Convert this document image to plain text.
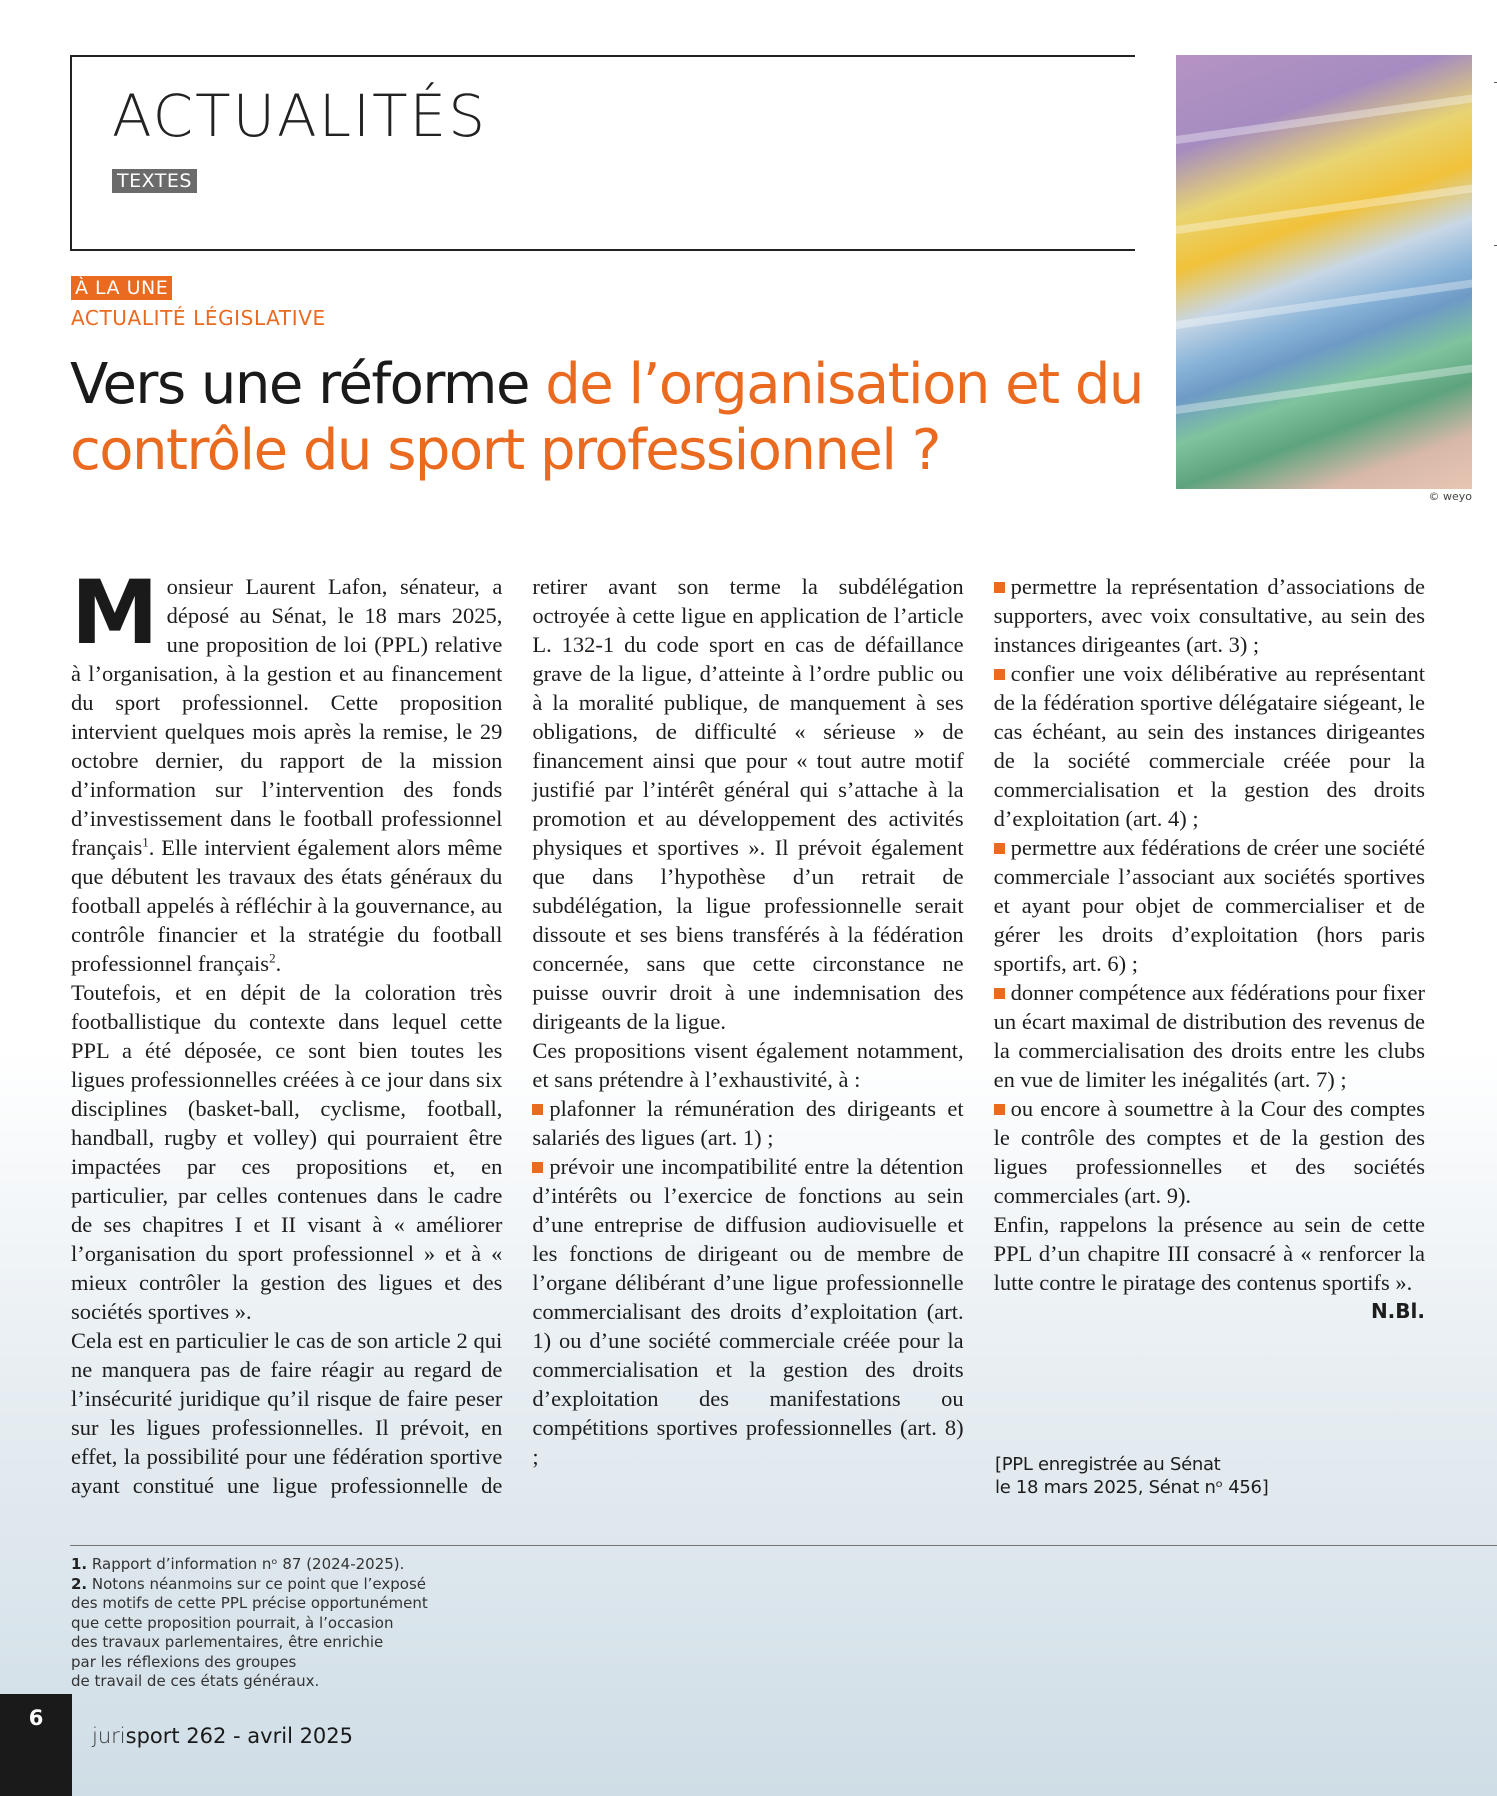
ACTUALITÉS
TEXTES
© weyo
À LA UNE
ACTUALITÉ LÉGISLATIVE
Vers une réforme de l’organisation et du contrôle du sport professionnel ?

Monsieur Laurent Lafon, sénateur, a déposé au Sénat, le 18 mars 2025, une proposition de loi (PPL) relative à l’organisation, à la gestion et au financement du sport professionnel. Cette proposition intervient quelques mois après la remise, le 29 octobre dernier, du rapport de la mission d’information sur l’intervention des fonds d’investissement dans le football professionnel français$^1$. Elle intervient également alors même que débutent les travaux des états généraux du football appelés à réfléchir à la gouvernance, au contrôle financier et la stratégie du football professionnel français$^2$.

Toutefois, et en dépit de la coloration très footballistique du contexte dans lequel cette PPL a été déposée, ce sont bien toutes les ligues professionnelles créées à ce jour dans six disciplines (basket-ball, cyclisme, football, handball, rugby et volley) qui pourraient être impactées par ces propositions et, en particulier, par celles contenues dans le cadre de ses chapitres I et II visant à « améliorer l’organisation du sport professionnel » et à « mieux contrôler la gestion des ligues et des sociétés sportives ».

Cela est en particulier le cas de son article 2 qui ne manquera pas de faire réagir au regard de l’insécurité juridique qu’il risque de faire peser sur les ligues professionnelles. Il prévoit, en effet, la possibilité pour une fédération sportive ayant constitué une ligue professionnelle de retirer avant son terme la subdélégation octroyée à cette ligue en application de l’article L. 132-1 du code sport en cas de défaillance grave de la ligue, d’atteinte à l’ordre public ou à la moralité publique, de manquement à ses obligations, de difficulté « sérieuse » de financement ainsi que pour « tout autre motif justifié par l’intérêt général qui s’attache à la promotion et au développement des activités physiques et sportives ». Il prévoit également que dans l’hypothèse d’un retrait de subdélégation, la ligue professionnelle serait dissoute et ses biens transférés à la fédération concernée, sans que cette circonstance ne puisse ouvrir droit à une indemnisation des dirigeants de la ligue.

Ces propositions visent également notamment, et sans prétendre à l’exhaustivité, à :

plafonner la rémunération des dirigeants et salariés des ligues (art. 1) ;

prévoir une incompatibilité entre la détention d’intérêts ou l’exercice de fonctions au sein d’une entreprise de diffusion audiovisuelle et les fonctions de dirigeant ou de membre de l’organe délibérant d’une ligue professionnelle commercialisant des droits d’exploitation (art. 1) ou d’une société commerciale créée pour la commercialisation et la gestion des droits d’exploitation des manifestations ou compétitions sportives professionnelles (art. 8) ;

permettre la représentation d’associations de supporters, avec voix consultative, au sein des instances dirigeantes (art. 3) ;

confier une voix délibérative au représentant de la fédération sportive délégataire siégeant, le cas échéant, au sein des instances dirigeantes de la société commerciale créée pour la commercialisation et la gestion des droits d’exploitation (art. 4) ;

permettre aux fédérations de créer une société commerciale l’associant aux sociétés sportives et ayant pour objet de commercialiser et de gérer les droits d’exploitation (hors paris sportifs, art. 6) ;

donner compétence aux fédérations pour fixer un écart maximal de distribution des revenus de la commercialisation des droits entre les clubs en vue de limiter les inégalités (art. 7) ;

ou encore à soumettre à la Cour des comptes le contrôle des comptes et de la gestion des ligues professionnelles et des sociétés commerciales (art. 9).

Enfin, rappelons la présence au sein de cette PPL d’un chapitre III consacré à « renforcer la lutte contre le piratage des contenus sportifs ».
N.Bl.

[PPL enregistrée au Sénat
le 18 mars 2025, Sénat nᵒ 456]

1. Rapport d’information nᵒ 87 (2024-2025).

2. Notons néanmoins sur ce point que l’exposé
des motifs de cette PPL précise opportunément
que cette proposition pourrait, à l’occasion
des travaux parlementaires, être enrichie
par les réflexions des groupes
de travail de ces états généraux.

6
jurisport 262 - avril 2025
